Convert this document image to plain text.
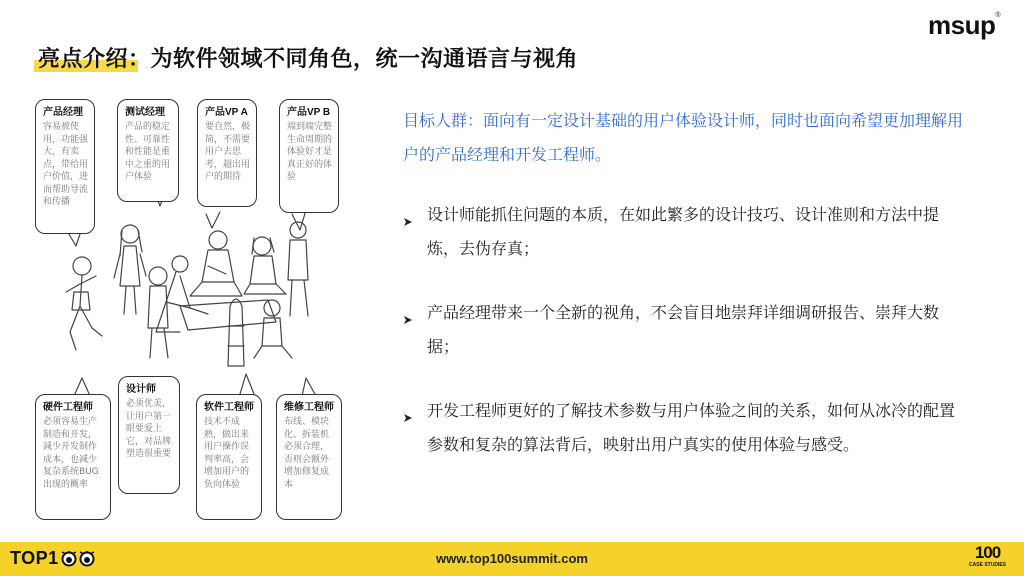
msup®
亮点介绍：为软件领域不同角色，统一沟通语言与视角
产品经理
容易被使用，功能强大，有卖点，带给用户价值，进而帮助导流和传播
测试经理
产品的稳定性、可靠性和性能是重中之重的用户体验
产品VP A
要自然，极简，不需要用户去思考，超出用户的期待
产品VP B
端到端完整生命周期的体验好才是真正好的体验
设计师
必须优美，让用户第一眼要爱上它，对品牌塑造很重要
硬件工程师
必须容易生产制造和开发，减少开发制作成本，也减少复杂系统BUG出现的概率
软件工程师
技术不成熟，做出来用户操作误判率高，会增加用户的负向体验
维修工程师
布线、模块化、拆装机必须合理，否则会额外增加修复成本
目标人群：面向有一定设计基础的用户体验设计师，同时也面向希望更加理解用户的产品经理和开发工程师。
设计师能抓住问题的本质，在如此繁多的设计技巧、设计准则和方法中提炼，去伪存真；
产品经理带来一个全新的视角，不会盲目地崇拜详细调研报告、崇拜大数据；
开发工程师更好的了解技术参数与用户体验之间的关系，如何从冰冷的配置参数和复杂的算法背后，映射出用户真实的使用体验与感受。
TOP1	www.top100summit.com	100
CASE STUDIES
